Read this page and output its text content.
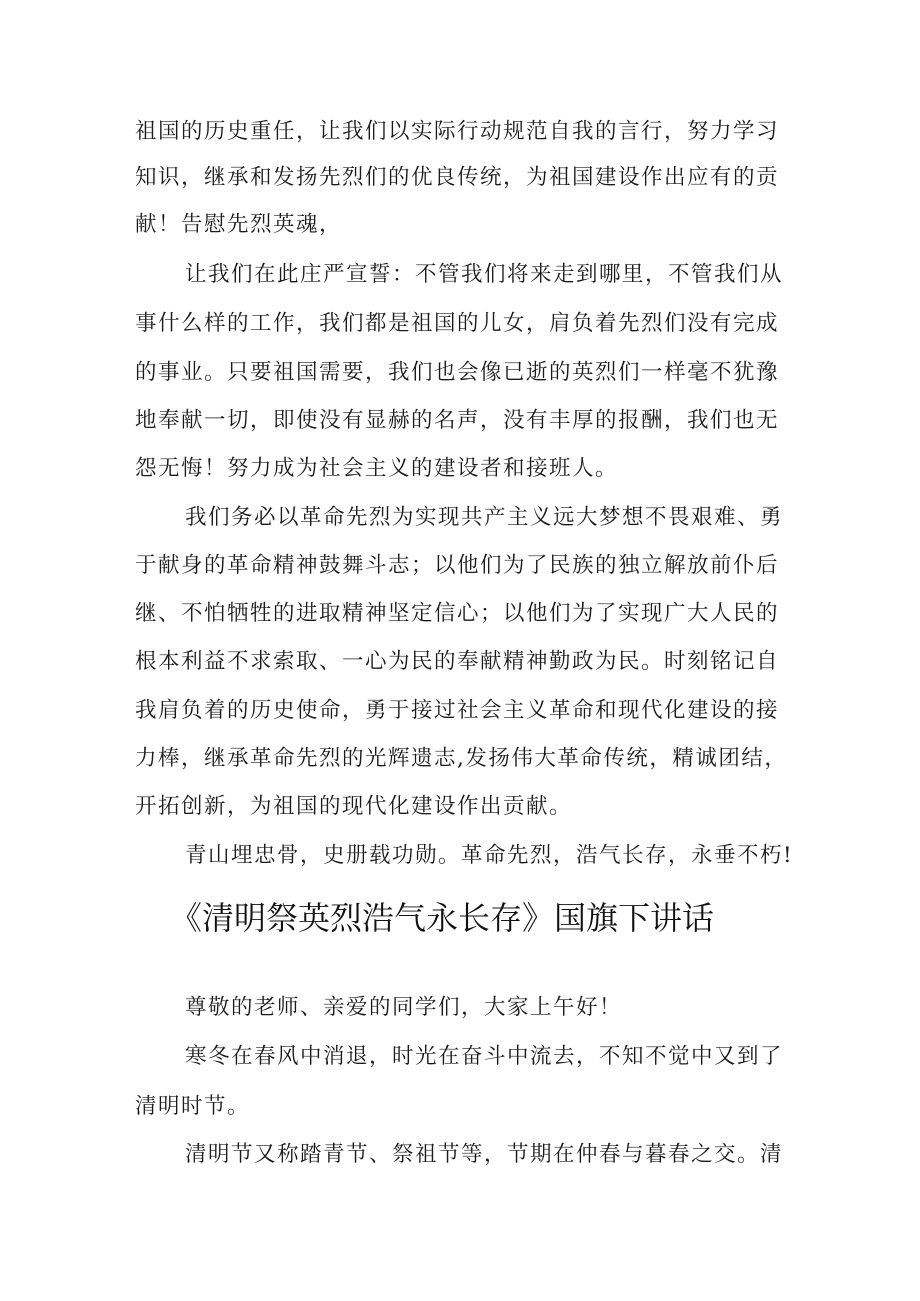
祖国的历史重任，让我们以实际行动规范自我的言行，努力学习
知识，继承和发扬先烈们的优良传统，为祖国建设作出应有的贡
献！告慰先烈英魂，
让我们在此庄严宣誓：不管我们将来走到哪里，不管我们从
事什么样的工作，我们都是祖国的儿女，肩负着先烈们没有完成
的事业。只要祖国需要，我们也会像已逝的英烈们一样毫不犹豫
地奉献一切，即使没有显赫的名声，没有丰厚的报酬，我们也无
怨无悔！努力成为社会主义的建设者和接班人。
我们务必以革命先烈为实现共产主义远大梦想不畏艰难、勇
于献身的革命精神鼓舞斗志；以他们为了民族的独立解放前仆后
继、不怕牺牲的进取精神坚定信心；以他们为了实现广大人民的
根本利益不求索取、一心为民的奉献精神勤政为民。时刻铭记自
我肩负着的历史使命，勇于接过社会主义革命和现代化建设的接
力棒，继承革命先烈的光辉遗志,发扬伟大革命传统，精诚团结，
开拓创新，为祖国的现代化建设作出贡献。
青山埋忠骨，史册载功勋。革命先烈，浩气长存，永垂不朽!
《清明祭英烈浩气永长存》国旗下讲话
尊敬的老师、亲爱的同学们，大家上午好！
寒冬在春风中消退，时光在奋斗中流去，不知不觉中又到了
清明时节。
清明节又称踏青节、祭祖节等，节期在仲春与暮春之交。清
